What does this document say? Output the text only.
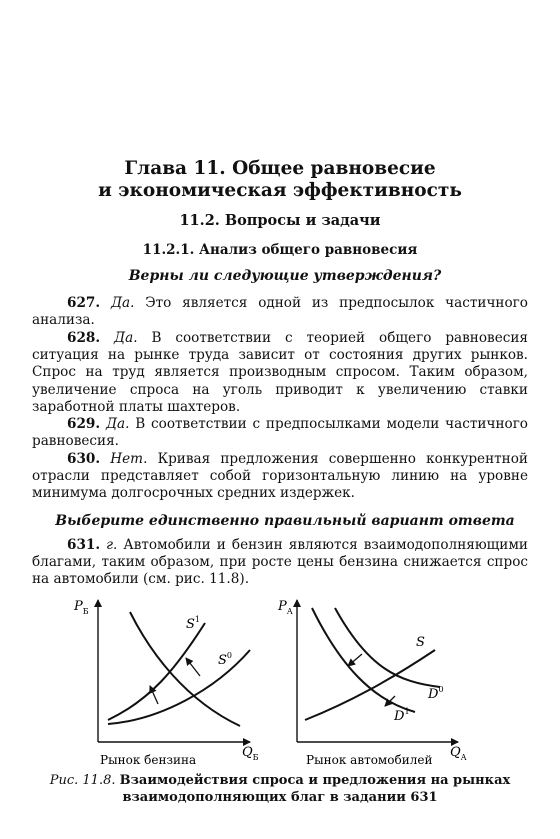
Глава 11. Общее равновесие
и экономическая эффективность
11.2. Вопросы и задачи
11.2.1. Анализ общего равновесия
Верны ли следующие утверждения?

627. Да. Это является одной из предпосылок частичного анализа.

628. Да. В соответствии с теорией общего равновесия ситуация на рынке труда зависит от состояния других рынков. Спрос на труд является производным спросом. Таким образом, увеличение спроса на уголь приводит к увеличению ставки заработной платы шахтеров.

629. Да. В соответствии с предпосылками модели частичного равновесия.

630. Нет. Кривая предложения совершенно конкурентной отрасли представляет собой горизонтальную линию на уровне минимума долгосрочных средних издержек.

Выберите единственно правильный вариант ответа

631. г. Автомобили и бензин являются взаимодополняющими благами, таким образом, при росте цены бензина снижается спрос на автомобили (см. рис. 11.8).

$P_Б$
$Q_Б$
$S^1$
$S^0$
Рынок бензина
$P_А$
$Q_А$
S
$D^0$
$D^1$
Рынок автомобилей
Рис. 11.8. Взаимодействия спроса и предложения на рынках взаимодополняющих благ в задании 631
